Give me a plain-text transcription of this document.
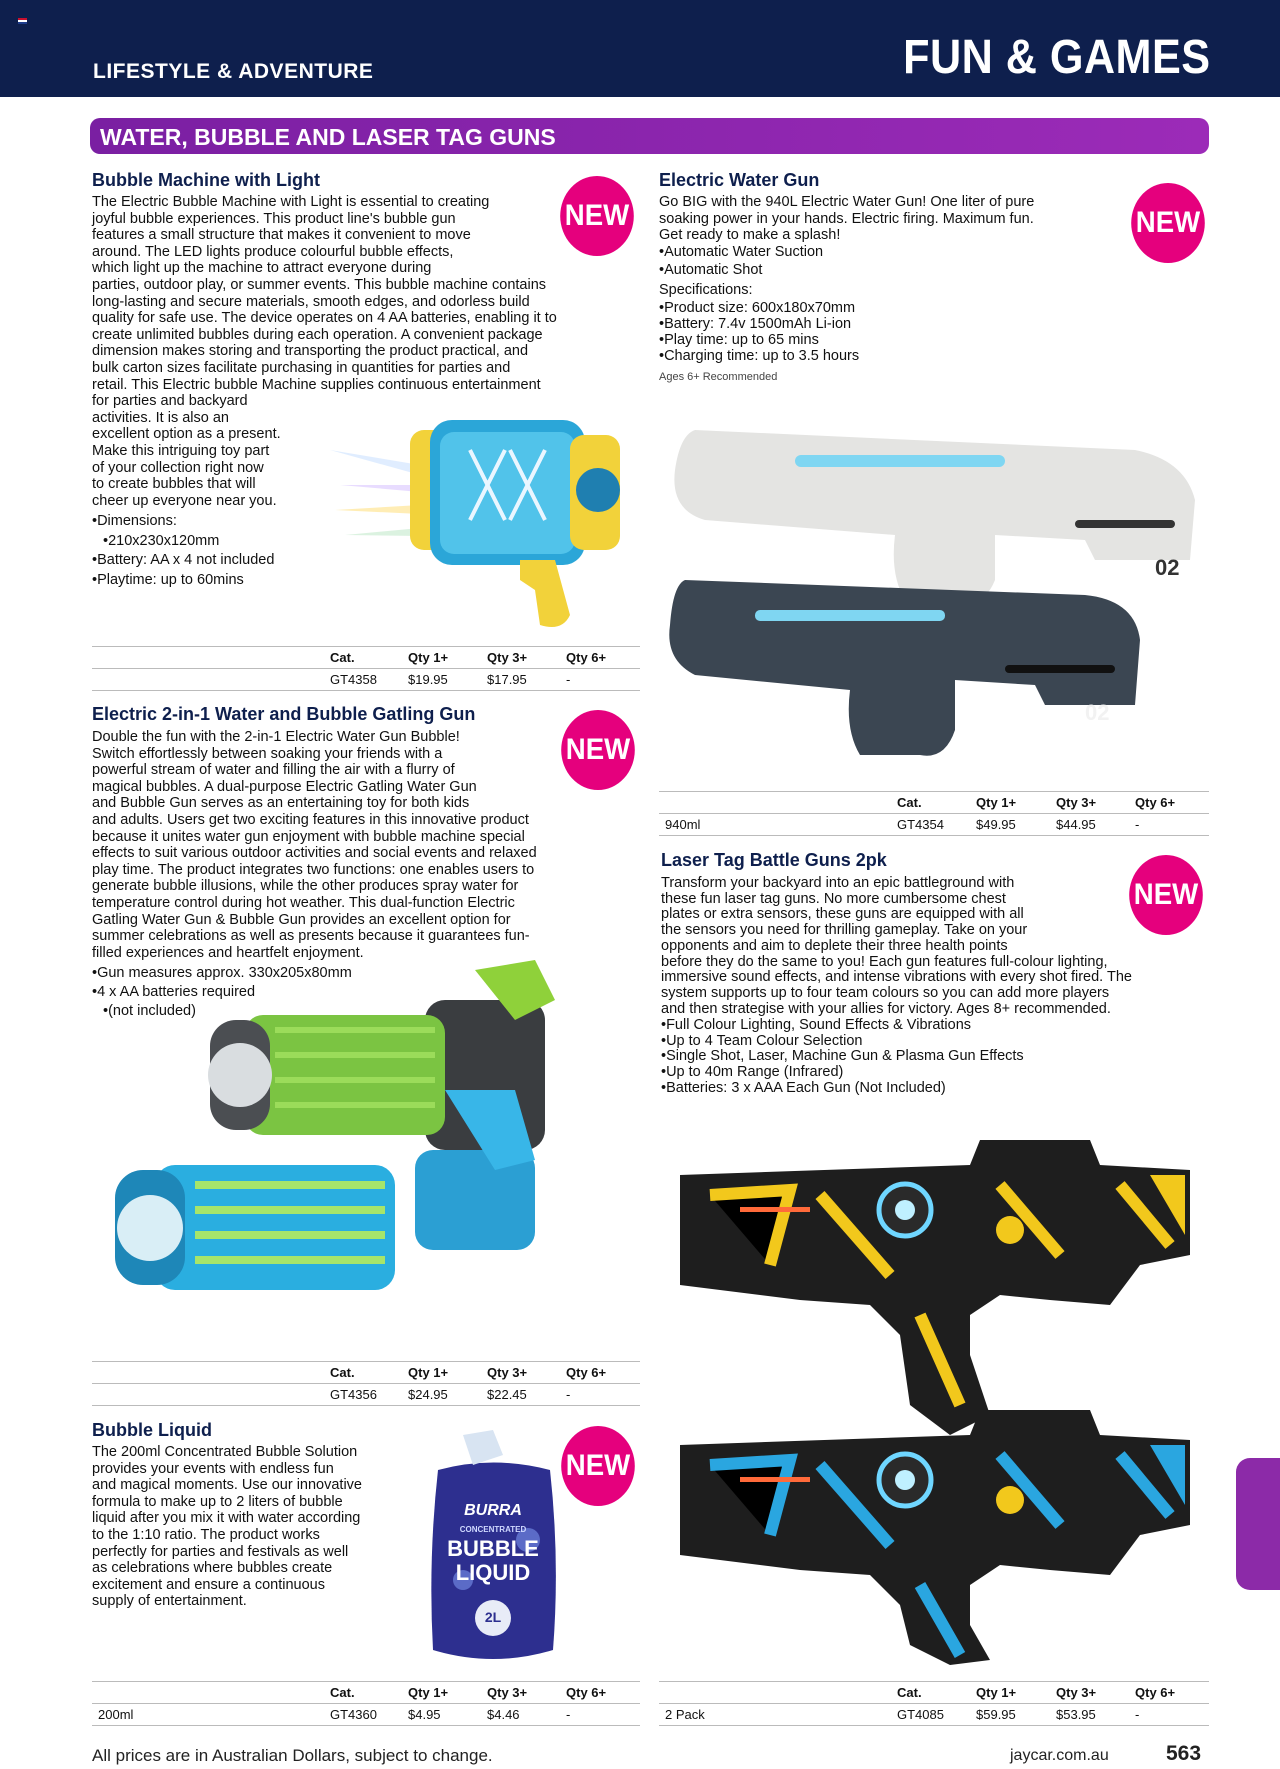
LIFESTYLE & ADVENTURE	FUN & GAMES
WATER, BUBBLE AND LASER TAG GUNS
Bubble Machine with Light
The Electric Bubble Machine with Light is essential to creating
joyful bubble experiences. This product line's bubble gun
features a small structure that makes it convenient to move
around. The LED lights produce colourful bubble effects,
which light up the machine to attract everyone during
parties, outdoor play, or summer events. This bubble machine contains
long-lasting and secure materials, smooth edges, and odorless build
quality for safe use. The device operates on 4 AA batteries, enabling it to
create unlimited bubbles during each operation. A convenient package
dimension makes storing and transporting the product practical, and
bulk carton sizes facilitate purchasing in quantities for parties and
retail. This Electric bubble Machine supplies continuous entertainment
for parties and backyard
activities. It is also an
excellent option as a present.
Make this intriguing toy part
of your collection right now
to create bubbles that will
cheer up everyone near you.
• Dimensions:
• 210x230x120mm
• Battery: AA x 4 not included
• Playtime: up to 60mins
NEW
	Cat.	Qty 1+	Qty 3+	Qty 6+
	GT4358	$19.95	$17.95	-
Electric 2-in-1 Water and Bubble Gatling Gun
Double the fun with the 2-in-1 Electric Water Gun Bubble!
Switch effortlessly between soaking your friends with a
powerful stream of water and filling the air with a flurry of
magical bubbles. A dual-purpose Electric Gatling Water Gun
and Bubble Gun serves as an entertaining toy for both kids
and adults. Users get two exciting features in this innovative product
because it unites water gun enjoyment with bubble machine special
effects to suit various outdoor activities and social events and relaxed
play time. The product integrates two functions: one enables users to
generate bubble illusions, while the other produces spray water for
temperature control during hot weather. This dual-function Electric
Gatling Water Gun & Bubble Gun provides an excellent option for
summer celebrations as well as presents because it guarantees fun-
filled experiences and heartfelt enjoyment.
• Gun measures approx. 330x205x80mm
• 4 x AA batteries required
• (not included)
NEW
	Cat.	Qty 1+	Qty 3+	Qty 6+
	GT4356	$24.95	$22.45	-
Bubble Liquid
The 200ml Concentrated Bubble Solution
provides your events with endless fun
and magical moments. Use our innovative
formula to make up to 2 liters of bubble
liquid after you mix it with water according
to the 1:10 ratio. The product works
perfectly for parties and festivals as well
as celebrations where bubbles create
excitement and ensure a continuous
supply of entertainment.
NEW
BURRA
CONCENTRATED
BUBBLE
LIQUID
2L
	Cat.	Qty 1+	Qty 3+	Qty 6+
200ml	GT4360	$4.95	$4.46	-
Electric Water Gun
Go BIG with the 940L Electric Water Gun! One liter of pure
soaking power in your hands. Electric firing. Maximum fun.
Get ready to make a splash!
• Automatic Water Suction
• Automatic Shot
Specifications:
• Product size: 600x180x70mm
• Battery: 7.4v 1500mAh Li-ion
• Play time: up to 65 mins
• Charging time: up to 3.5 hours
Ages 6+ Recommended
NEW
02
02
	Cat.	Qty 1+	Qty 3+	Qty 6+
940ml	GT4354	$49.95	$44.95	-
Laser Tag Battle Guns 2pk
Transform your backyard into an epic battleground with
these fun laser tag guns. No more cumbersome chest
plates or extra sensors, these guns are equipped with all
the sensors you need for thrilling gameplay. Take on your
opponents and aim to deplete their three health points
before they do the same to you! Each gun features full-colour lighting,
immersive sound effects, and intense vibrations with every shot fired. The
system supports up to four team colours so you can add more players
and then strategise with your allies for victory. Ages 8+ recommended.
• Full Colour Lighting, Sound Effects & Vibrations
• Up to 4 Team Colour Selection
• Single Shot, Laser, Machine Gun & Plasma Gun Effects
• Up to 40m Range (Infrared)
• Batteries: 3 x AAA Each Gun (Not Included)
NEW
	Cat.	Qty 1+	Qty 3+	Qty 6+
2 Pack	GT4085	$59.95	$53.95	-
All prices are in Australian Dollars, subject to change.	jaycar.com.au	563
